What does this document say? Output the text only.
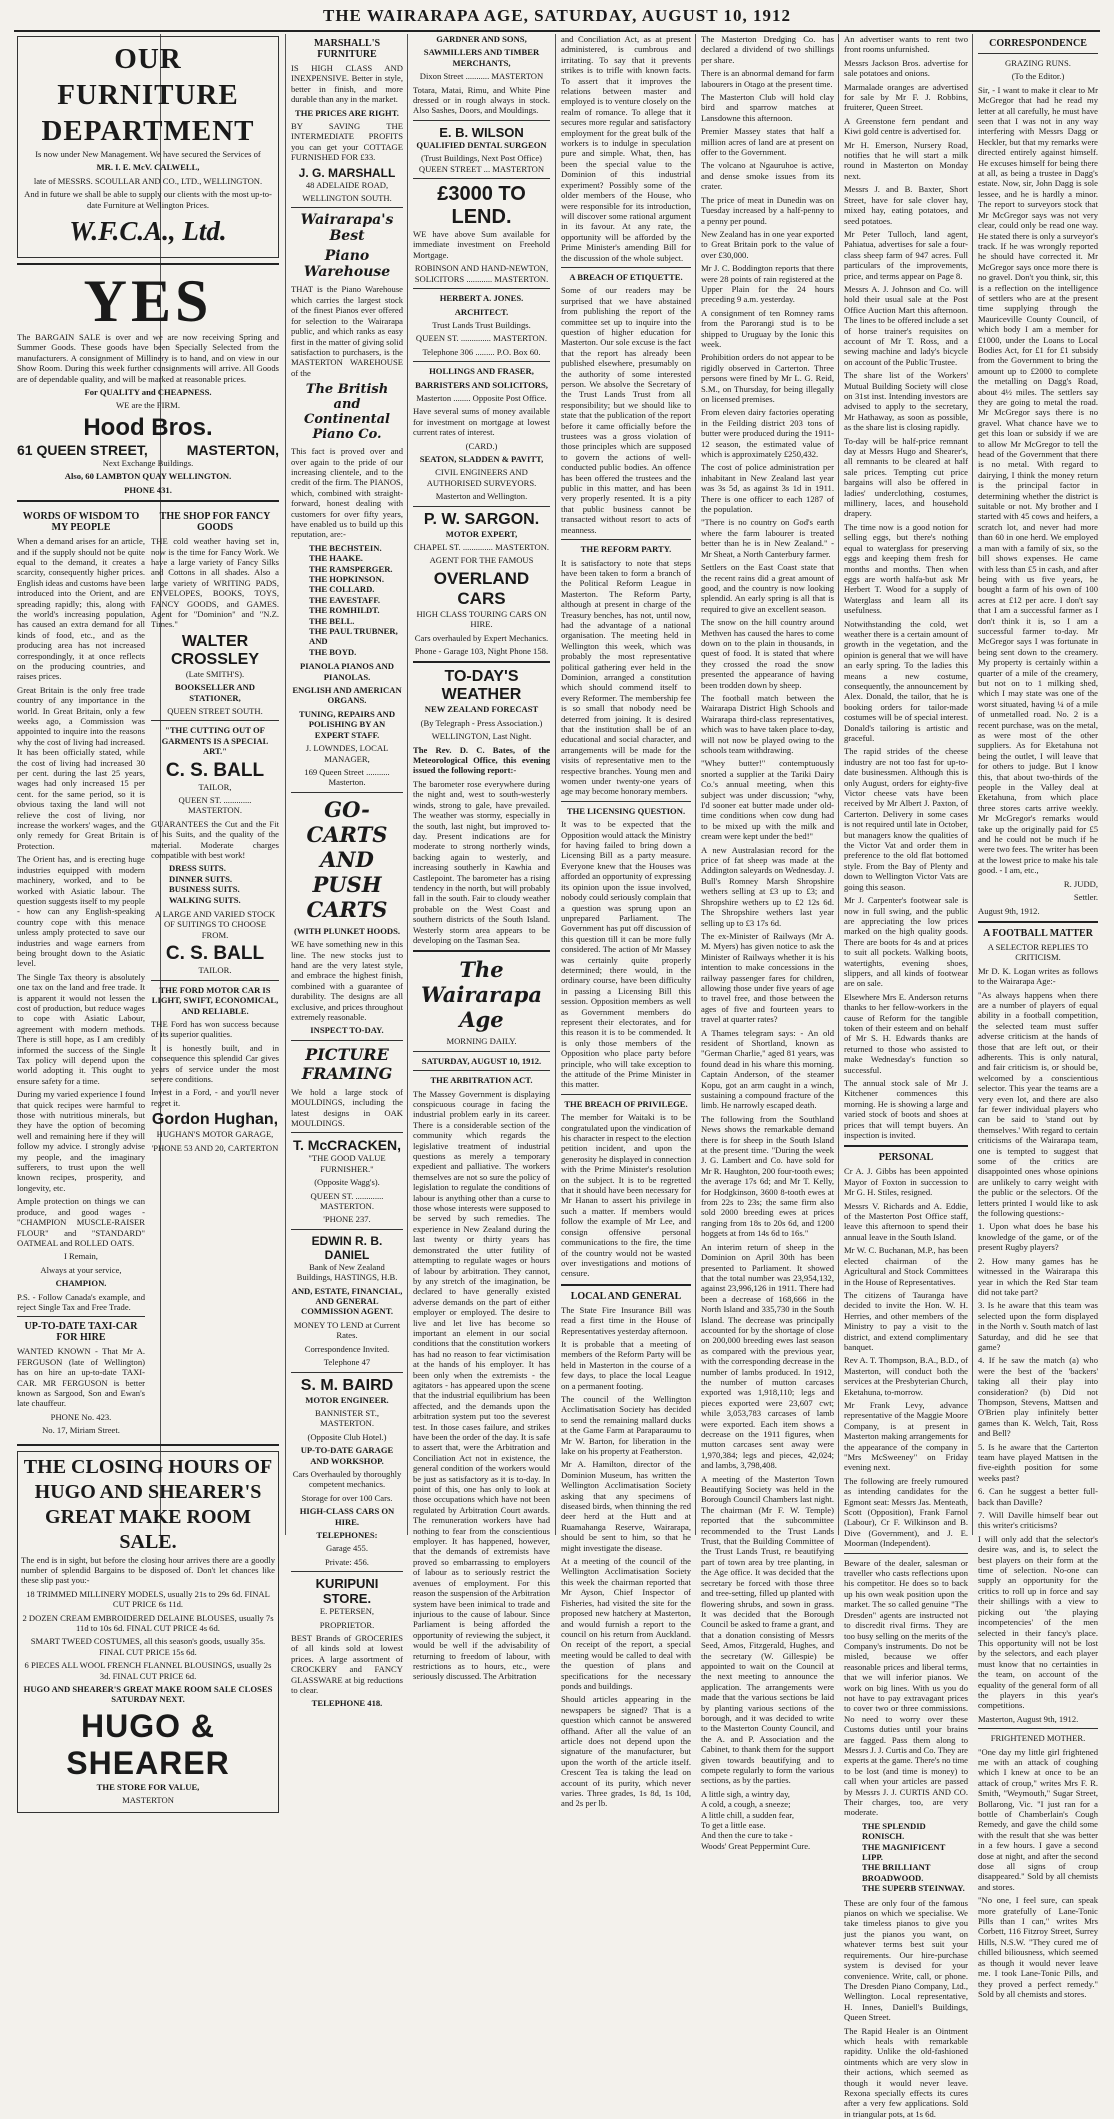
THE WAIRARAPA AGE, SATURDAY, AUGUST 10, 1912
OUR FURNITURE
DEPARTMENT

Is now under New Management. We have secured the Services of

MR. I. E. McV. CALWELL,

late of MESSRS. SCOULLAR AND CO., LTD., WELLINGTON.

And in future we shall be able to supply our clients with the most up-to-date Furniture at Wellington Prices.

W.F.C.A., Ltd.
YES

The BARGAIN SALE is over and we are now receiving Spring and Summer Goods. These goods have been Specially Selected from the manufacturers. A consignment of Millinery is to hand, and on view in our Show Room. During this week further consignments will arrive. All Goods are of dependable quality, and will be marked at reasonable prices.

For QUALITY and CHEAPNESS.

WE are the FIRM.

Hood Bros.
61 QUEEN STREET,	MASTERTON,

Next Exchange Buildings.

Also, 60 LAMBTON QUAY WELLINGTON.

PHONE 431.

WORDS OF WISDOM TO MY PEOPLE

When a demand arises for an article, and if the supply should not be quite equal to the demand, it creates a scarcity, consequently higher prices. English ideas and customs have been introduced into the Orient, and are spreading rapidly; this, along with the world's increasing population, has caused an extra demand for all kinds of food, etc., and as the producing area has not increased correspondingly, it at once reflects on the producing countries, and raises prices.

Great Britain is the only free trade country of any importance in the world. In Great Britain, only a few weeks ago, a Commission was appointed to inquire into the reasons why the cost of living had increased. It has been officially stated, while the cost of living had increased 30 per cent. during the last 25 years, wages had only increased 15 per cent. for the same period, so it is obvious taxing the land will not relieve the cost of living, nor increase the workers' wages, and the only remedy for Great Britain is Protection.

The Orient has, and is erecting huge industries equipped with modern machinery, worked, and to be worked with Asiatic labour. The question suggests itself to my people - how can any English-speaking country cope with this menace unless amply protected to save our industries and wage earners from being brought down to the Asiatic level.

The Single Tax theory is absolutely one tax on the land and free trade. It is apparent it would not lessen the cost of production, but reduce wages to cope with Asiatic Labour, agreement with modern methods. There is still hope, as I am credibly informed the success of the Single Tax policy will depend upon the world adopting it. This ought to ensure safety for a time.

During my varied experience I found that quick recipes were harmful to those with nutritious minerals, but they have the option of becoming well and remaining here if they will follow my advice. I strongly advise my people, and the imaginary sufferers, to trust upon the well known recipes, prosperity, and longevity, etc.

Ample protection on things we can produce, and good wages - "CHAMPION MUSCLE-RAISER FLOUR" and "STANDARD" OATMEAL and ROLLED OATS.

I Remain,

Always at your service,

CHAMPION.

P.S. - Follow Canada's example, and reject Single Tax and Free Trade.

UP-TO-DATE TAXI-CAR FOR HIRE

WANTED KNOWN - That Mr A. FERGUSON (late of Wellington) has on hire an up-to-date TAXI-CAR. MR FERGUSON is better known as Sargood, Son and Ewan's late chauffeur.

PHONE No. 423.

No. 17, Miriam Street.

THE SHOP FOR FANCY GOODS

THE cold weather having set in, now is the time for Fancy Work. We have a large variety of Fancy Silks and Cottons in all shades. Also a large variety of WRITING PADS, ENVELOPES, BOOKS, TOYS, FANCY GOODS, and GAMES. Agent for "Dominion" and "N.Z. Times."

WALTER CROSSLEY

(Late SMITH'S).

BOOKSELLER AND STATIONER,

QUEEN STREET SOUTH.

"THE CUTTING OUT OF GARMENTS IS A SPECIAL ART."

C. S. BALL

TAILOR,

QUEEN ST. ............. MASTERTON.

GUARANTEES the Cut and the Fit of his Suits, and the quality of the material. Moderate charges compatible with best work!

DRESS SUITS.
DINNER SUITS.
BUSINESS SUITS.
WALKING SUITS.

A LARGE AND VARIED STOCK OF SUITINGS TO CHOOSE FROM.

C. S. BALL

TAILOR.

THE FORD MOTOR CAR IS LIGHT, SWIFT, ECONOMICAL, AND RELIABLE.

THE Ford has won success because of its superior qualities.

It is honestly built, and in consequence this splendid Car gives years of service under the most severe conditions.

Invest in a Ford, - and you'll never regret it.

Gordon Hughan,

HUGHAN'S MOTOR GARAGE,

'PHONE 53 AND 20, CARTERTON

THE CLOSING HOURS OF
HUGO AND SHEARER'S
GREAT MAKE ROOM SALE.

The end is in sight, but before the closing hour arrives there are a goodly number of splendid Bargains to be disposed of. Don't let chances like these slip past you:-

18 TRIMMED MILLINERY MODELS, usually 21s to 29s 6d. FINAL CUT PRICE 6s 11d.

2 DOZEN CREAM EMBROIDERED DELAINE BLOUSES, usually 7s 11d to 10s 6d. FINAL CUT PRICE 4s 6d.

SMART TWEED COSTUMES, all this season's goods, usually 35s. FINAL CUT PRICE 15s 6d.

6 PIECES ALL WOOL FRENCH FLANNEL BLOUSINGS, usually 2s 3d. FINAL CUT PRICE 6d.

HUGO AND SHEARER'S GREAT MAKE ROOM SALE CLOSES SATURDAY NEXT.

HUGO & SHEARER

THE STORE FOR VALUE,

MASTERTON

MARSHALL'S FURNITURE

IS HIGH CLASS AND INEXPENSIVE. Better in style, better in finish, and more durable than any in the market.

THE PRICES ARE RIGHT.

BY SAVING THE INTERMEDIATE PROFITS you can get your COTTAGE FURNISHED FOR £33.

J. G. MARSHALL

48 ADELAIDE ROAD,

WELLINGTON SOUTH.

Wairarapa's Best
Piano Warehouse

THAT is the Piano Warehouse which carries the largest stock of the finest Pianos ever offered for selection to the Wairarapa public, and which ranks as easy first in the matter of giving solid satisfaction to purchasers, is the MASTERTON WAREHOUSE of the

The British and Continental Piano Co.

This fact is proved over and over again to the pride of our increasing clientele, and to the credit of the firm. The PIANOS, which, combined with straight-forward, honest dealing with customers for over fifty years, have enabled us to build up this reputation, are:-

THE BECHSTEIN.
THE HAAKE.
THE RAMSPERGER.
THE HOPKINSON.
THE COLLARD.
THE EAVESTAFF.
THE ROMHILDT.
THE BELL.
THE PAUL TRUBNER, AND
THE BOYD.

PIANOLA PIANOS AND PIANOLAS.

ENGLISH AND AMERICAN ORGANS.

TUNING, REPAIRS AND POLISHING BY AN EXPERT STAFF.

J. LOWNDES, LOCAL MANAGER,

169 Queen Street ........... Masterton.

GO-CARTS AND PUSH CARTS

(WITH PLUNKET HOODS.

WE have something new in this line. The new stocks just to hand are the very latest style, and embrace the highest finish, combined with a guarantee of durability. The designs are all exclusive, and prices throughout extremely reasonable.

INSPECT TO-DAY.

PICTURE FRAMING

We hold a large stock of MOULDINGS, including the latest designs in OAK MOULDINGS.

T. McCRACKEN,

"THE GOOD VALUE FURNISHER."

(Opposite Wagg's).

QUEEN ST. ............. MASTERTON.

'PHONE 237.

EDWIN R. B. DANIEL

Bank of New Zealand Buildings, HASTINGS, H.B.

AND, ESTATE, FINANCIAL, AND GENERAL COMMISSION AGENT.

MONEY TO LEND at Current Rates.

Correspondence Invited.

Telephone 47

S. M. BAIRD

MOTOR ENGINEER.

BANNISTER ST., MASTERTON.

(Opposite Club Hotel.)

UP-TO-DATE GARAGE AND WORKSHOP.

Cars Overhauled by thoroughly competent mechanics.

Storage for over 100 Cars.

HIGH-CLASS CARS ON HIRE.

TELEPHONES:

Garage 455.

Private: 456.

KURIPUNI STORE.

E. PETERSEN,

PROPRIETOR.

BEST Brands of GROCERIES of all kinds sold at lowest prices. A large assortment of CROCKERY and FANCY GLASSWARE at big reductions to clear.

TELEPHONE 418.

GARDNER AND SONS,

SAWMILLERS AND TIMBER MERCHANTS,

Dixon Street ........... MASTERTON

Totara, Matai, Rimu, and White Pine dressed or in rough always in stock. Also Sashes, Doors, and Mouldings.

E. B. WILSON

QUALIFIED DENTAL SURGEON

(Trust Buildings, Next Post Office) QUEEN STREET ... MASTERTON

£3000 TO LEND.

WE have above Sum available for immediate investment on Freehold Mortgage.

ROBINSON AND HAND-NEWTON, SOLICITORS ............ MASTERTON.

HERBERT A. JONES.

ARCHITECT.

Trust Lands Trust Buildings.

QUEEN ST. .............. MASTERTON.

Telephone 306 ......... P.O. Box 60.

HOLLINGS AND FRASER,

BARRISTERS AND SOLICITORS,

Masterton ........ Opposite Post Office.

Have several sums of money available for investment on mortgage at lowest current rates of interest.

(CARD.)

SEATON, SLADDEN & PAVITT,

CIVIL ENGINEERS AND AUTHORISED SURVEYORS.

Masterton and Wellington.

P. W. SARGON.

MOTOR EXPERT,

CHAPEL ST. .............. MASTERTON.

AGENT FOR THE FAMOUS

OVERLAND CARS

HIGH CLASS TOURING CARS ON HIRE.

Cars overhauled by Expert Mechanics.

Phone - Garage 103, Night Phone 158.

TO-DAY'S WEATHER

NEW ZEALAND FORECAST

(By Telegraph - Press Association.)

WELLINGTON, Last Night.

The Rev. D. C. Bates, of the Meteorological Office, this evening issued the following report:-

The barometer rose everywhere during the night and, west to south-westerly winds, strong to gale, have prevailed. The weather was stormy, especially in the south, last night, but improved to-day. Present indications are for moderate to strong northerly winds, backing again to westerly, and increasing southerly in Kawhia and Castlepoint. The barometer has a rising tendency in the north, but will probably fall in the south. Fair to cloudy weather probable on the West Coast and southern districts of the South Island. Westerly storm area appears to be developing on the Tasman Sea.

The Wairarapa Age

MORNING DAILY.

SATURDAY, AUGUST 10, 1912.

THE ARBITRATION ACT.

The Massey Government is displaying conspicuous courage in facing the industrial problem early in its career. There is a considerable section of the community which regards the legislative treatment of industrial questions as merely a temporary expedient and palliative. The workers themselves are not so sure the policy of legislation to regulate the conditions of labour is anything other than a curse to those whose interests were supposed to be served by such remedies. The experience in New Zealand during the last twenty or thirty years has demonstrated the utter futility of attempting to regulate wages or hours of labour by arbitration. They cannot, by any stretch of the imagination, be declared to have generally existed adverse demands on the part of either employer or employed. The desire to live and let live has become so important an element in our social conditions that the constitution workers has had no reason to fear victimisation at the hands of his employer. It has been only when the extremists - the agitators - has appeared upon the scene that the industrial equilibrium has been affected, and the demands upon the arbitration system put too the severest test. In those cases failure, and strikes have been the order of the day. It is safe to assert that, were the Arbitration and Conciliation Act not in existence, the general condition of the workers would be just as satisfactory as it is to-day. In point of this, one has only to look at those occupations which have not been regulated by Arbitration Court awards. The remuneration workers have had nothing to fear from the conscientious employer. It has happened, however, that the demands of extremists have proved so embarrassing to employers of labour as to seriously restrict the avenues of employment. For this reason the suspension of the Arbitration system have been inimical to trade and injurious to the cause of labour. Since Parliament is being afforded the opportunity of reviewing the subject, it would be well if the advisability of returning to freedom of labour, with restrictions as to hours, etc., were seriously discussed. The Arbitration

and Conciliation Act, as at present administered, is cumbrous and irritating. To say that it prevents strikes is to trifle with known facts. To assert that it improves the relations between master and employed is to venture closely on the realm of romance. To allege that it secures more regular and satisfactory employment for the great bulk of the workers is to indulge in speculation pure and simple. What, then, has been the special value to the Dominion of this industrial experiment? Possibly some of the older members of the House, who were responsible for its introduction, will discover some rational argument in its favour. At any rate, the opportunity will be afforded by the Prime Minister's amending Bill for the discussion of the whole subject.

A BREACH OF ETIQUETTE.

Some of our readers may be surprised that we have abstained from publishing the report of the committee set up to inquire into the question of higher education for Masterton. Our sole excuse is the fact that the report has already been published elsewhere, presumably on the authority of some interested person. We absolve the Secretary of the Trust Lands Trust from all responsibility; but we should like to state that the publication of the report before it came officially before the trustees was a gross violation of those principles which are supposed to govern the actions of well-conducted public bodies. An offence has been offered the trustees and the public in this matter, and has been very properly resented. It is a pity that public business cannot be transacted without resort to acts of meanness.

THE REFORM PARTY.

It is satisfactory to note that steps have been taken to form a branch of the Political Reform League in Masterton. The Reform Party, although at present in charge of the Treasury benches, has not, until now, had the advantage of a national organisation. The meeting held in Wellington this week, which was probably the most representative political gathering ever held in the Dominion, arranged a constitution which should commend itself to every Reformer. The membership fee is so small that nobody need be deterred from joining. It is desired that the institution shall be of an educational and social character, and arrangements will be made for the visits of representative men to the respective branches. Young men and women under twenty-one years of age may become honorary members.

THE LICENSING QUESTION.

It was to be expected that the Opposition would attack the Ministry for having failed to bring down a Licensing Bill as a party measure. Everyone knew that the Houses was afforded an opportunity of expressing its opinion upon the issue involved, nobody could seriously complain that a question was sprung upon an unprepared Parliament. The Government has put off discussion of this question till it can be more fully considered. The action of Mr Massey was certainly quite properly determined; there would, in the ordinary course, have been difficulty in passing a Licensing Bill this session. Opposition members as well as Government members do represent their electorates, and for this reason it is to be commended. It is only those members of the Opposition who place party before principle, who will take exception to the attitude of the Prime Minister in this matter.

THE BREACH OF PRIVILEGE.

The member for Waitaki is to be congratulated upon the vindication of his character in respect to the election petition incident, and upon the generosity he displayed in connection with the Prime Minister's resolution on the subject. It is to be regretted that it should have been necessary for Mr Hanan to assert his privilege in such a matter. If members would follow the example of Mr Lee, and consign offensive personal communications to the fire, the time of the country would not be wasted over investigations and motions of censure.

LOCAL AND GENERAL

The State Fire Insurance Bill was read a first time in the House of Representatives yesterday afternoon.

It is probable that a meeting of members of the Reform Party will be held in Masterton in the course of a few days, to place the local League on a permanent footing.

The council of the Wellington Acclimatisation Society has decided to send the remaining mallard ducks at the Game Farm at Paraparaumu to Mr W. Barton, for liberation in the lake on his property at Featherston.

Mr A. Hamilton, director of the Dominion Museum, has written the Wellington Acclimatisation Society asking that any specimens of diseased birds, when thinning the red deer herd at the Hutt and at Ruamahanga Reserve, Wairarapa, should be sent to him, so that he might investigate the disease.

At a meeting of the council of the Wellington Acclimatisation Society this week the chairman reported that Mr Ayson, Chief Inspector of Fisheries, had visited the site for the proposed new hatchery at Masterton, and would furnish a report to the council on his return from Auckland. On receipt of the report, a special meeting would be called to deal with the question of plans and specifications for the necessary ponds and buildings.

Should articles appearing in the newspapers be signed? That is a question which cannot be answered offhand. After all the value of an article does not depend upon the signature of the manufacturer, but upon the worth of the article itself. Crescent Tea is taking the lead on account of its purity, which never varies. Three grades, 1s 8d, 1s 10d, and 2s per lb.

The Masterton Dredging Co. has declared a dividend of two shillings per share.

There is an abnormal demand for farm labourers in Otago at the present time.

The Masterton Club will hold clay bird and sparrow matches at Lansdowne this afternoon.

Premier Massey states that half a million acres of land are at present on offer to the Government.

The volcano at Ngauruhoe is active, and dense smoke issues from its crater.

The price of meat in Dunedin was on Tuesday increased by a half-penny to a penny per pound.

New Zealand has in one year exported to Great Britain pork to the value of over £30,000.

Mr J. C. Boddington reports that there were 28 points of rain registered at the Upper Plain for the 24 hours preceding 9 a.m. yesterday.

A consignment of ten Romney rams from the Parorangi stud is to be shipped to Uruguay by the Ionic this week.

Prohibition orders do not appear to be rigidly observed in Carterton. Three persons were fined by Mr L. G. Reid, S.M., on Thursday, for being illegally on licensed premises.

From eleven dairy factories operating in the Feilding district 203 tons of butter were produced during the 1911-12 season, the estimated value of which is approximately £250,432.

The cost of police administration per inhabitant in New Zealand last year was 3s 5d, as against 3s 1d in 1911. There is one officer to each 1287 of the population.

"There is no country on God's earth where the farm labourer is treated better than he is in New Zealand." - Mr Sheat, a North Canterbury farmer.

Settlers on the East Coast state that the recent rains did a great amount of good, and the country is now looking splendid. An early spring is all that is required to give an excellent season.

The snow on the hill country around Methven has caused the hares to come down on to the plain in thousands, in quest of food. It is stated that where they crossed the road the snow presented the appearance of having been trodden down by sheep.

The football match between the Wairarapa District High Schools and Wairarapa third-class representatives, which was to have taken place to-day, will not now be played owing to the schools team withdrawing.

"Whey butter!" contemptuously snorted a supplier at the Tariki Dairy Co.'s annual meeting, when this subject was under discussion; "why, I'd sooner eat butter made under old-time conditions when cow dung had to be mixed up with the milk and cream were kept under the bed!"

A new Australasian record for the price of fat sheep was made at the Addington saleyards on Wednesday. J. Bull's Romney Marsh Shropshire wethers selling at £3 up to £3; and Shropshire wethers up to £2 12s 6d. The Shropshire wethers last year selling up to £3 17s 6d.

The ex-Minister of Railways (Mr A. M. Myers) has given notice to ask the Minister of Railways whether it is his intention to make concessions in the railway passenger fares for children, allowing those under five years of age to travel free, and those between the ages of five and fourteen years to travel at quarter rates?

A Thames telegram says: - An old resident of Shortland, known as "German Charlie," aged 81 years, was found dead in his whare this morning. Captain Anderson, of the steamer Kopu, got an arm caught in a winch, sustaining a compound fracture of the limb. He narrowly escaped death.

The following from the Southland News shows the remarkable demand there is for sheep in the South Island at the present time. "During the week J. G. Lambert and Co. have sold for Mr R. Haughton, 200 four-tooth ewes; the average 17s 6d; and Mr T. Kelly, for Hodgkinson, 3600 8-tooth ewes at from 22s to 23s; the same firm also sold 2000 breeding ewes at prices ranging from 18s to 20s 6d, and 1200 hoggets at from 14s 6d to 16s."

An interim return of sheep in the Dominion on April 30th has been presented to Parliament. It showed that the total number was 23,954,132, against 23,996,126 in 1911. There had been a decrease of 168,666 in the North Island and 335,730 in the South Island. The decrease was principally accounted for by the shortage of close on 200,000 breeding ewes last season as compared with the previous year, with the corresponding decrease in the number of lambs produced. In 1912, the number of mutton carcases exported was 1,918,110; legs and pieces exported were 23,607 cwt; while 3,053,783 carcases of lamb were exported. Each item shows a decrease on the 1911 figures, when mutton carcases sent away were 1,970,384; legs and pieces, 42,024; and lambs, 3,798,408.

A meeting of the Masterton Town Beautifying Society was held in the Borough Council Chambers last night. The chairman (Mr F. W. Temple) reported that the subcommittee recommended to the Trust Lands Trust, that the Building Committee of the Trust Lands Trust, re beautifying part of town area by tree planting, in the Age office. It was decided that the secretary be forced with those three and tree-setting, filled up planted with flowering shrubs, and sown in grass. It was decided that the Borough Council be asked to frame a grant, and that a donation consisting of Messrs Seed, Amos, Fitzgerald, Hughes, and the secretary (W. Gillespie) be appointed to wait on the Council at the next meeting to announce the application. The arrangements were made that the various sections be laid by planting various sections of the borough, and it was decided to write to the Masterton County Council, and the A. and P. Association and the Cabinet, to thank them for the support given towards beautifying and to compete regularly to form the various sections, as by the parties.

A little sigh, a wintry day,
A cold, a cough, a sneeze;
A little chill, a sudden fear,
To get a little ease.
And then the cure to take -
Woods' Great Peppermint Cure.

An advertiser wants to rent two front rooms unfurnished.

Messrs Jackson Bros. advertise for sale potatoes and onions.

Marmalade oranges are advertised for sale by Mr F. J. Robbins, fruiterer, Queen Street.

A Greenstone fern pendant and Kiwi gold centre is advertised for.

Mr H. Emerson, Nursery Road, notifies that he will start a milk round in Masterton on Monday next.

Messrs J. and B. Baxter, Short Street, have for sale clover hay, mixed hay, eating potatoes, and seed potatoes.

Mr Peter Tulloch, land agent, Pahiatua, advertises for sale a four-class sheep farm of 947 acres. Full particulars of the improvements, price, and terms appear on Page 8.

Messrs A. J. Johnson and Co. will hold their usual sale at the Post Office Auction Mart this afternoon. The lines to be offered include a set of horse trainer's requisites on account of Mr T. Ross, and a sewing machine and lady's bicycle on account of the Public Trustee.

The share list of the Workers' Mutual Building Society will close on 31st inst. Intending investors are advised to apply to the secretary, Mr Hathaway, as soon as possible, as the share list is closing rapidly.

To-day will be half-price remnant day at Messrs Hugo and Shearer's, all remnants to be cleared at half sale prices. Tempting cut price bargains will also be offered in ladies' underclothing, costumes, millinery, laces, and household drapery.

The time now is a good notion for selling eggs, but there's nothing equal to waterglass for preserving eggs and keeping them fresh for months and months. Then when eggs are worth halfa-but ask Mr Herbert T. Wood for a supply of Waterglass and learn all its usefulness.

Notwithstanding the cold, wet weather there is a certain amount of growth in the vegetation, and the opinion is general that we will have an early spring. To the ladies this means a new costume, consequently, the announcement by Alex. Donald, the tailor, that he is booking orders for tailor-made costumes will be of special interest. Donald's tailoring is artistic and graceful.

The rapid strides of the cheese industry are not too fast for up-to-date businessmen. Although this is only August, orders for eighty-five Victor cheese vats have been received by Mr Albert J. Paxton, of Carterton. Delivery in some cases is not required until late in October, but managers know the qualities of the Victor Vat and order them in preference to the old flat bottomed style. From the Bay of Plenty and down to Wellington Victor Vats are going this season.

Mr J. Carpenter's footwear sale is now in full swing, and the public are appreciating the low prices marked on the high quality goods. There are boots for 4s and at prices to suit all pockets. Walking boots, watertights, evening shoes, slippers, and all kinds of footwear are on sale.

Elsewhere Mrs E. Anderson returns thanks to her fellow-workers in the cause of Reform for the tangible token of their esteem and on behalf of Mr S. H. Edwards thanks are returned to those who assisted to make Wednesday's function so successful.

The annual stock sale of Mr J. Kitchener commences this morning. He is showing a large and varied stock of boots and shoes at prices that will tempt buyers. An inspection is invited.

PERSONAL

Cr A. J. Gibbs has been appointed Mayor of Foxton in succession to Mr G. H. Stiles, resigned.

Messrs V. Richards and A. Eddie, of the Masterton Post Office staff, leave this afternoon to spend their annual leave in the South Island.

Mr W. C. Buchanan, M.P., has been elected chairman of the Agricultural and Stock Committees in the House of Representatives.

The citizens of Tauranga have decided to invite the Hon. W. H. Herries, and other members of the Ministry to pay a visit to the district, and extend complimentary banquet.

Rev A. T. Thompson, B.A., B.D., of Masterton, will conduct both the services at the Presbyterian Church, Eketahuna, to-morrow.

Mr Frank Levy, advance representative of the Maggie Moore Company, is at present in Masterton making arrangements for the appearance of the company in "Mrs McSweeney" on Friday evening next.

The following are freely rumoured as intending candidates for the Egmont seat: Messrs Jas. Menteath, Scott (Opposition), Frank Farnol (Labour), Cr F. Wilkinson and B. Dive (Government), and J. E. Moorman (Independent).

Beware of the dealer, salesman or traveller who casts reflections upon his competitor. He does so to back up his own weak position upon the market. The so called genuine "The Dresden" agents are instructed not to discredit rival firms. They are too busy selling on the merits of the Company's instruments. Do not be misled, because we offer reasonable prices and liberal terms, that we will inferior pianos. We work on big lines. With us you do not have to pay extravagant prices to cover two or three commissions. No need to worry over these Customs duties until your brains are fagged. Pass them along to Messrs J. J. Curtis and Co. They are experts at the game. There's no time to be lost (and time is money) to call when your articles are passed by Messrs J. J. CURTIS AND CO. Their charges, too, are very moderate.

THE SPLENDID RONISCH.
THE MAGNIFICENT LIPP.
THE BRILLIANT BROADWOOD.
THE SUPERB STEINWAY.

These are only four of the famous pianos on which we specialise. We take timeless pianos to give you just the pianos you want, on whatever terms best suit your requirements. Our hire-purchase system is devised for your convenience. Write, call, or phone. The Dresden Piano Company, Ltd., Wellington. Local representative, H. Innes, Daniell's Buildings, Queen Street.

The Rapid Healer is an Ointment which heals with remarkable rapidity. Unlike the old-fashioned ointments which are very slow in their actions, which seemed as though it would never leave. Rexona specially effects its cures after a very few applications. Sold in triangular pots, at 1s 6d.

CORRESPONDENCE

GRAZING RUNS.

(To the Editor.)

Sir, - I want to make it clear to Mr McGregor that had he read my letter at all carefully, he must have seen that I was not in any way interfering with Messrs Dagg or Heckler, but that my remarks were directed entirely against himself. He excuses himself for being there at all, as being a trustee in Dagg's estate. Now, sir, John Dagg is sole lessee, and he is hardly a minor. The report to surveyors stock that Mr McGregor says was not very clear, could only be read one way. He stated there is only a surveyor's track. If he was wrongly reported he should have corrected it. Mr McGregor says once more there is no gravel. Don't you think, sir, this is a reflection on the intelligence of settlers who are at the present time supplying through the Mauriceville County Council, of which body I am a member for £1000, under the Loans to Local Bodies Act, for £1 for £1 subsidy from the Government to bring the amount up to £2000 to complete the metalling on Dagg's Road, about 4½ miles. The settlers say they are going to metal the road. Mr McGregor says there is no gravel. What chance have we to get this loan or subsidy if we are to allow Mr McGregor to tell the head of the Government that there is no metal. With regard to dairying, I think the money return is the principal factor in determining whether the district is suitable or not. My brother and I started with 45 cows and heifers, a scratch lot, and never had more than 60 in one herd. We employed a man with a family of six, so the bill shows expenses. He came with less than £5 in cash, and after being with us five years, he bought a farm of his own of 100 acres at £12 per acre. I don't say that I am a successful farmer as I don't think it is, so I am a successful farmer to-day. Mr McGregor says I was fortunate in being sent down to the creamery. My property is certainly within a quarter of a mile of the creamery, but not on to 1 milking shed, which I may state was one of the worst situated, having ¼ of a mile of unmetalled road. No. 2 is a recent purchase, was on the metal, as were most of the other suppliers. As for Eketahuna not being the outlet, I will leave that for others to judge. But I know this, that about two-thirds of the people in the Valley deal at Eketahuna, from which place three stores carts arrive weekly. Mr McGregor's remarks would take up the originally paid for £5 and he could not be much if he were two fees. The writer has been at the lowest price to make his tale good. - I am, etc.,

R. JUDD,

Settler.

August 9th, 1912.

A FOOTBALL MATTER

A SELECTOR REPLIES TO CRITICISM.

Mr D. K. Logan writes as follows to the Wairarapa Age:-

"As always happens when there are a number of players of equal ability in a football competition, the selected team must suffer adverse criticism at the hands of those that are left out, or their adherents. This is only natural, and fair criticism is, or should be, welcomed by a conscientious selector. This year the teams are a very even lot, and there are also far fewer individual players who can be said to 'stand out by themselves.' With regard to certain criticisms of the Wairarapa team, one is tempted to suggest that some of the critics are disappointed ones whose opinions are unlikely to carry weight with the public or the selectors. Of the letters printed I would like to ask the following questions:-

1. Upon what does he base his knowledge of the game, or of the present Rugby players?

2. How many games has he witnessed in the Wairarapa this year in which the Red Star team did not take part?

3. Is he aware that this team was selected upon the form displayed in the North v. South match of last Saturday, and did he see that game?

4. If he saw the match (a) who were the best of the 'backers' taking all their play into consideration? (b) Did not Thompson, Stevens, Mattsen and O'Brien play infinitely better games than K. Welch, Tait, Ross and Bell?

5. Is he aware that the Carterton team have played Mattsen in the five-eighth position for some weeks past?

6. Can he suggest a better full-back than Daville?

7. Will Daville himself bear out this writer's criticisms?

I will only add that the selector's desire was, and is, to select the best players on their form at the time of selection. No-one can supply an opportunity for the critics to roll up in force and say their shillings with a view to picking out 'the playing incompetencies' of the men selected in their fancy's place. This opportunity will not be lost by the selectors, and each player must know that no certainties in the team, on account of the equality of the general form of all the players in this year's competitions.

Masterton, August 9th, 1912.

FRIGHTENED MOTHER.

"One day my little girl frightened me with an attack of coughing which I knew at once to be an attack of croup," writes Mrs F. R. Smith, "Weymouth," Sugar Street, Bollarong, Vic. "I just ran for a bottle of Chamberlain's Cough Remedy, and gave the child some with the result that she was better in a few hours. I gave a second dose at night, and after the second dose all signs of croup disappeared." Sold by all chemists and stores.

"No one, I feel sure, can speak more gratefully of Lane-Tonic Pills than I can," writes Mrs Corbett, 116 Fitzroy Street, Surrey Hills, N.S.W. "They cured me of chilled biliousness, which seemed as though it would never leave me. I took Lane-Tonic Pills, and they proved a perfect remedy." Sold by all chemists and stores.
